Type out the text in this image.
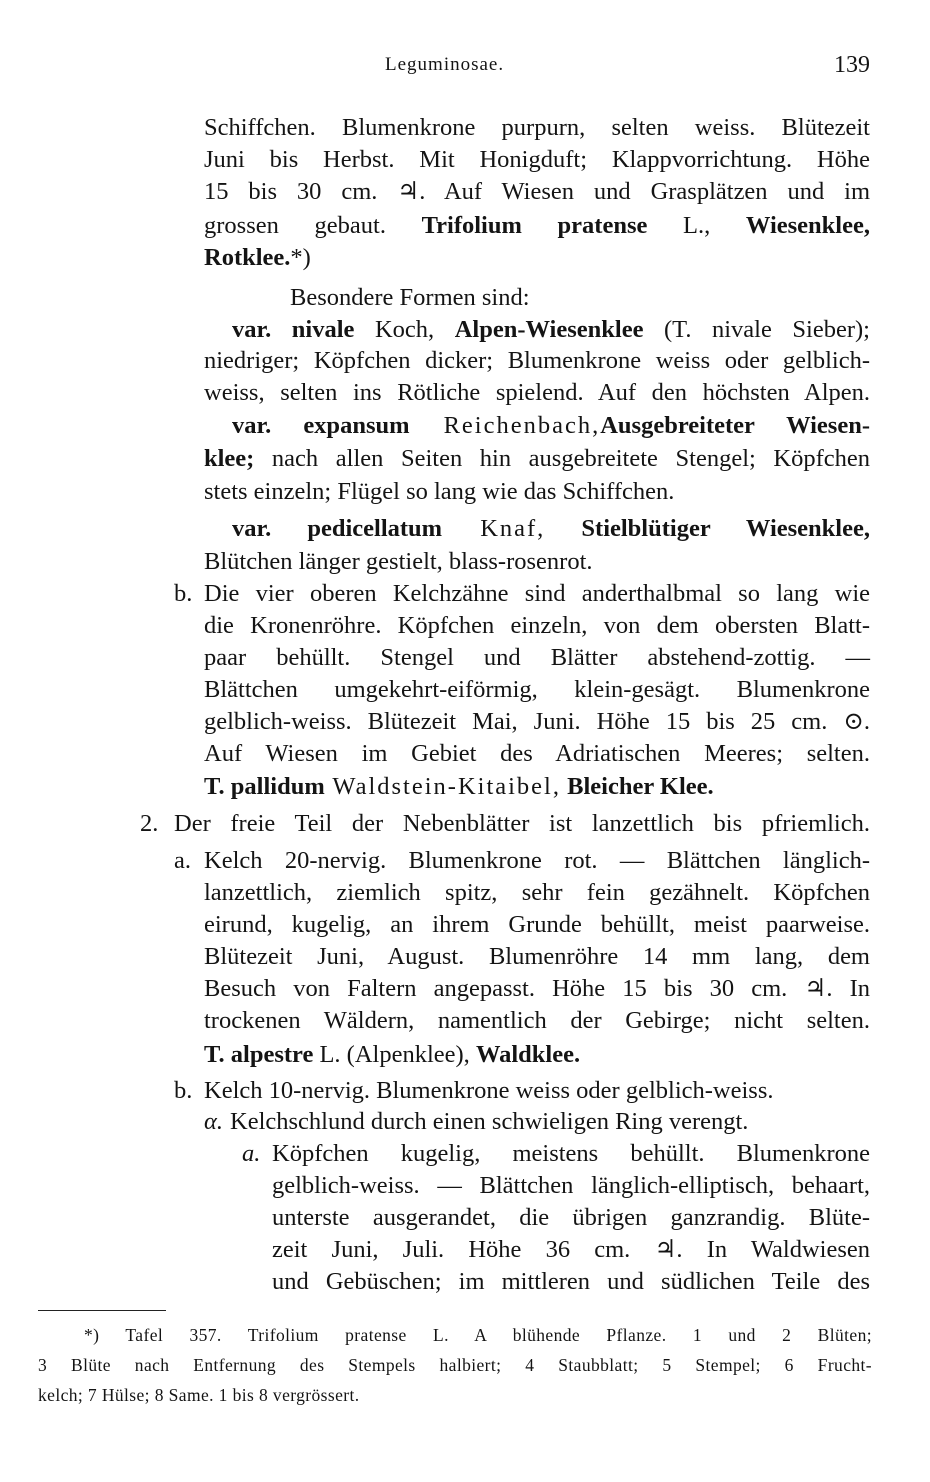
Leguminosae.	139
Schiffchen. Blumenkrone purpurn, selten weiss. Blütezeit
Juni bis Herbst. Mit Honigduft; Klappvorrichtung. Höhe
15 bis 30 cm. ♃. Auf Wiesen und Grasplätzen und im
grossen gebaut. Trifolium pratense L., Wiesenklee,
Rotklee.*)
Besondere Formen sind:
var. nivale Koch, Alpen-Wiesenklee (T. nivale Sieber);
niedriger; Köpfchen dicker; Blumenkrone weiss oder gelblich-
weiss, selten ins Rötliche spielend. Auf den höchsten Alpen.
var. expansum Reichenbach,Ausgebreiteter Wiesen-
klee; nach allen Seiten hin ausgebreitete Stengel; Köpfchen
stets einzeln; Flügel so lang wie das Schiffchen.
var. pedicellatum Knaf, Stielblütiger Wiesenklee,
Blütchen länger gestielt, blass-rosenrot.
b. Die vier oberen Kelchzähne sind anderthalbmal so lang wie
die Kronenröhre. Köpfchen einzeln, von dem obersten Blatt-
paar behüllt. Stengel und Blätter abstehend-zottig. —
Blättchen umgekehrt-eiförmig, klein-gesägt. Blumenkrone
gelblich-weiss. Blütezeit Mai, Juni. Höhe 15 bis 25 cm. ⊙.
Auf Wiesen im Gebiet des Adriatischen Meeres; selten.
T. pallidum Waldstein-Kitaibel, Bleicher Klee.
2. Der freie Teil der Nebenblätter ist lanzettlich bis pfriemlich.
a. Kelch 20-nervig. Blumenkrone rot. — Blättchen länglich-
lanzettlich, ziemlich spitz, sehr fein gezähnelt. Köpfchen
eirund, kugelig, an ihrem Grunde behüllt, meist paarweise.
Blütezeit Juni, August. Blumenröhre 14 mm lang, dem
Besuch von Faltern angepasst. Höhe 15 bis 30 cm. ♃. In
trockenen Wäldern, namentlich der Gebirge; nicht selten.
T. alpestre L. (Alpenklee), Waldklee.
b. Kelch 10-nervig. Blumenkrone weiss oder gelblich-weiss.
α. Kelchschlund durch einen schwieligen Ring verengt.
a. Köpfchen kugelig, meistens behüllt. Blumenkrone
gelblich-weiss. — Blättchen länglich-elliptisch, behaart,
unterste ausgerandet, die übrigen ganzrandig. Blüte-
zeit Juni, Juli. Höhe 36 cm. ♃. In Waldwiesen
und Gebüschen; im mittleren und südlichen Teile des
*) Tafel 357. Trifolium pratense L. A blühende Pflanze. 1 und 2 Blüten;
3 Blüte nach Entfernung des Stempels halbiert; 4 Staubblatt; 5 Stempel; 6 Frucht-
kelch; 7 Hülse; 8 Same. 1 bis 8 vergrössert.
